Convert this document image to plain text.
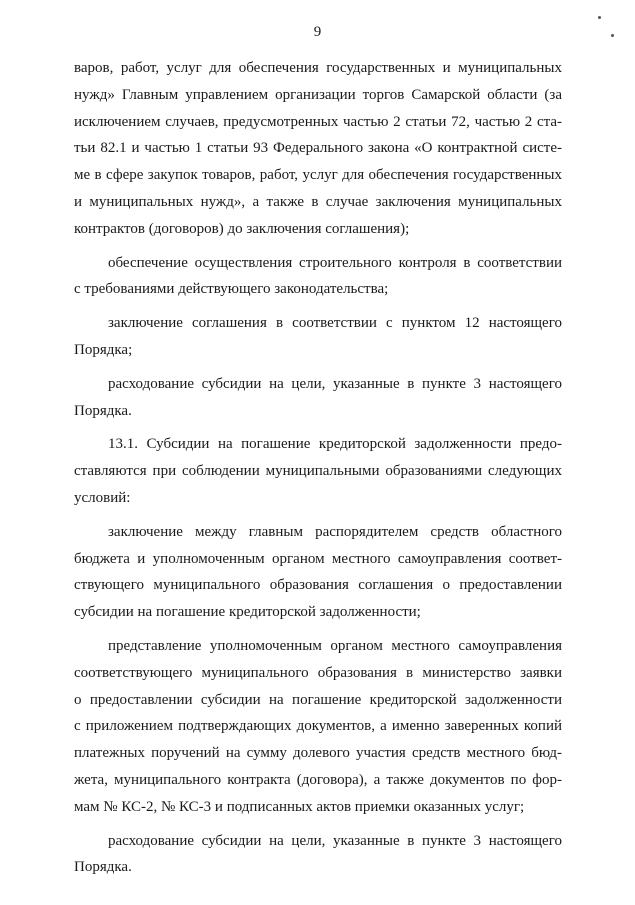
9

варов, работ, услуг для обеспечения государственных и муниципальных
нужд» Главным управлением организации торгов Самарской области (за
исключением случаев, предусмотренных частью 2 статьи 72, частью 2 ста-
тьи 82.1 и частью 1 статьи 93 Федерального закона «О контрактной систе-
ме в сфере закупок товаров, работ, услуг для обеспечения государственных
и муниципальных нужд», а также в случае заключения муниципальных
контрактов (договоров) до заключения соглашения);

обеспечение осуществления строительного контроля в соответствии
с требованиями действующего законодательства;

заключение соглашения в соответствии с пунктом 12 настоящего
Порядка;

расходование субсидии на цели, указанные в пункте 3 настоящего
Порядка.

13.1. Субсидии на погашение кредиторской задолженности предо-
ставляются при соблюдении муниципальными образованиями следующих
условий:

заключение между главным распорядителем средств областного
бюджета и уполномоченным органом местного самоуправления соответ-
ствующего муниципального образования соглашения о предоставлении
субсидии на погашение кредиторской задолженности;

представление уполномоченным органом местного самоуправления
соответствующего муниципального образования в министерство заявки
о предоставлении субсидии на погашение кредиторской задолженности
с приложением подтверждающих документов, а именно заверенных копий
платежных поручений на сумму долевого участия средств местного бюд-
жета, муниципального контракта (договора), а также документов по фор-
мам № КС-2, № КС-3 и подписанных актов приемки оказанных услуг;

расходование субсидии на цели, указанные в пункте 3 настоящего
Порядка.
